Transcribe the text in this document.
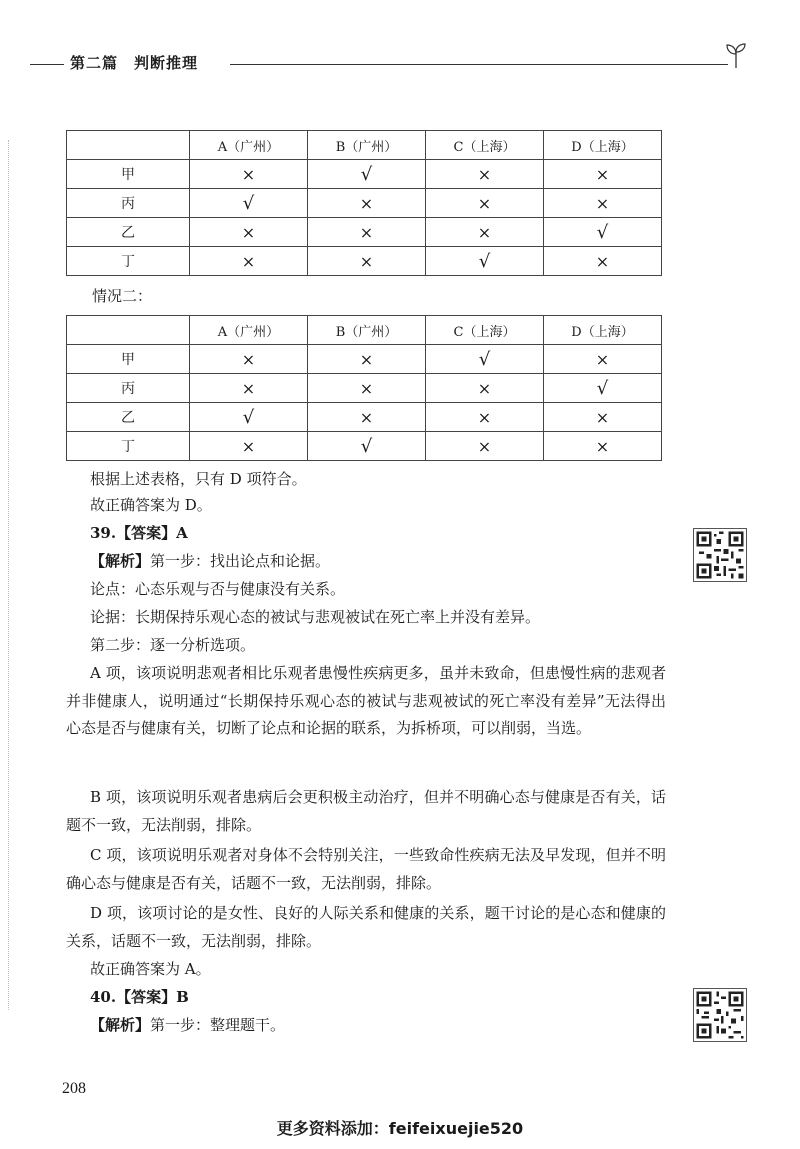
第二篇　判断推理
	A（广州）	B（广州）	C（上海）	D（上海）
甲	×	√	×	×
丙	√	×	×	×
乙	×	×	×	√
丁	×	×	√	×
情况二：
	A（广州）	B（广州）	C（上海）	D（上海）
甲	×	×	√	×
丙	×	×	×	√
乙	√	×	×	×
丁	×	√	×	×
根据上述表格，只有 D 项符合。
故正确答案为 D。
39.【答案】A
【解析】第一步：找出论点和论据。
论点：心态乐观与否与健康没有关系。
论据：长期保持乐观心态的被试与悲观被试在死亡率上并没有差异。
第二步：逐一分析选项。
A 项，该项说明悲观者相比乐观者患慢性疾病更多，虽并未致命，但患慢性病的悲观者并非健康人，说明通过“长期保持乐观心态的被试与悲观被试的死亡率没有差异”无法得出心态是否与健康有关，切断了论点和论据的联系，为拆桥项，可以削弱，当选。
B 项，该项说明乐观者患病后会更积极主动治疗，但并不明确心态与健康是否有关，话题不一致，无法削弱，排除。
C 项，该项说明乐观者对身体不会特别关注，一些致命性疾病无法及早发现，但并不明确心态与健康是否有关，话题不一致，无法削弱，排除。
D 项，该项讨论的是女性、良好的人际关系和健康的关系，题干讨论的是心态和健康的关系，话题不一致，无法削弱，排除。
故正确答案为 A。
40.【答案】B
【解析】第一步：整理题干。
208
更多资料添加：feifeixuejie520
